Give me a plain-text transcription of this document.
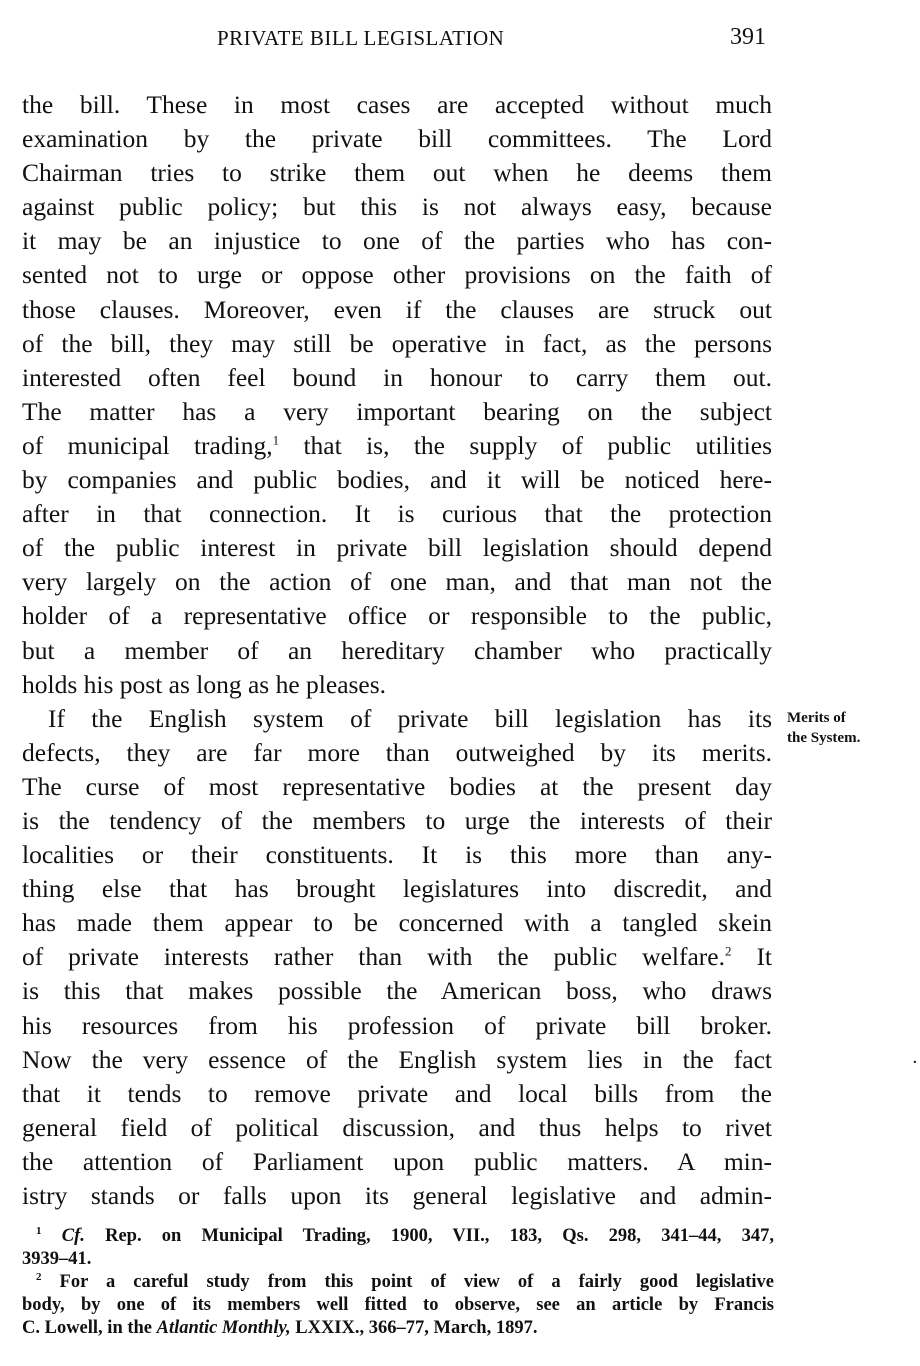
PRIVATE BILL LEGISLATION	391
the bill. These in most cases are accepted without much
examination by the private bill committees. The Lord
Chairman tries to strike them out when he deems them
against public policy; but this is not always easy, because
it may be an injustice to one of the parties who has con-
sented not to urge or oppose other provisions on the faith of
those clauses. Moreover, even if the clauses are struck out
of the bill, they may still be operative in fact, as the persons
interested often feel bound in honour to carry them out.
The matter has a very important bearing on the subject
of municipal trading,$^1$ that is, the supply of public utilities
by companies and public bodies, and it will be noticed here-
after in that connection. It is curious that the protection
of the public interest in private bill legislation should depend
very largely on the action of one man, and that man not the
holder of a representative office or responsible to the public,
but a member of an hereditary chamber who practically
holds his post as long as he pleases.
If the English system of private bill legislation has its
defects, they are far more than outweighed by its merits.
The curse of most representative bodies at the present day
is the tendency of the members to urge the interests of their
localities or their constituents. It is this more than any-
thing else that has brought legislatures into discredit, and
has made them appear to be concerned with a tangled skein
of private interests rather than with the public welfare.$^2$ It
is this that makes possible the American boss, who draws
his resources from his profession of private bill broker.
Now the very essence of the English system lies in the fact
that it tends to remove private and local bills from the
general field of political discussion, and thus helps to rivet
the attention of Parliament upon public matters. A min-
istry stands or falls upon its general legislative and admin-
Merits of
the System.
·
$^1$ Cf. Rep. on Municipal Trading, 1900, VII., 183, Qs. 298, 341–44, 347,
3939–41.
$^2$ For a careful study from this point of view of a fairly good legislative
body, by one of its members well fitted to observe, see an article by Francis
C. Lowell, in the Atlantic Monthly, LXXIX., 366–77, March, 1897.
